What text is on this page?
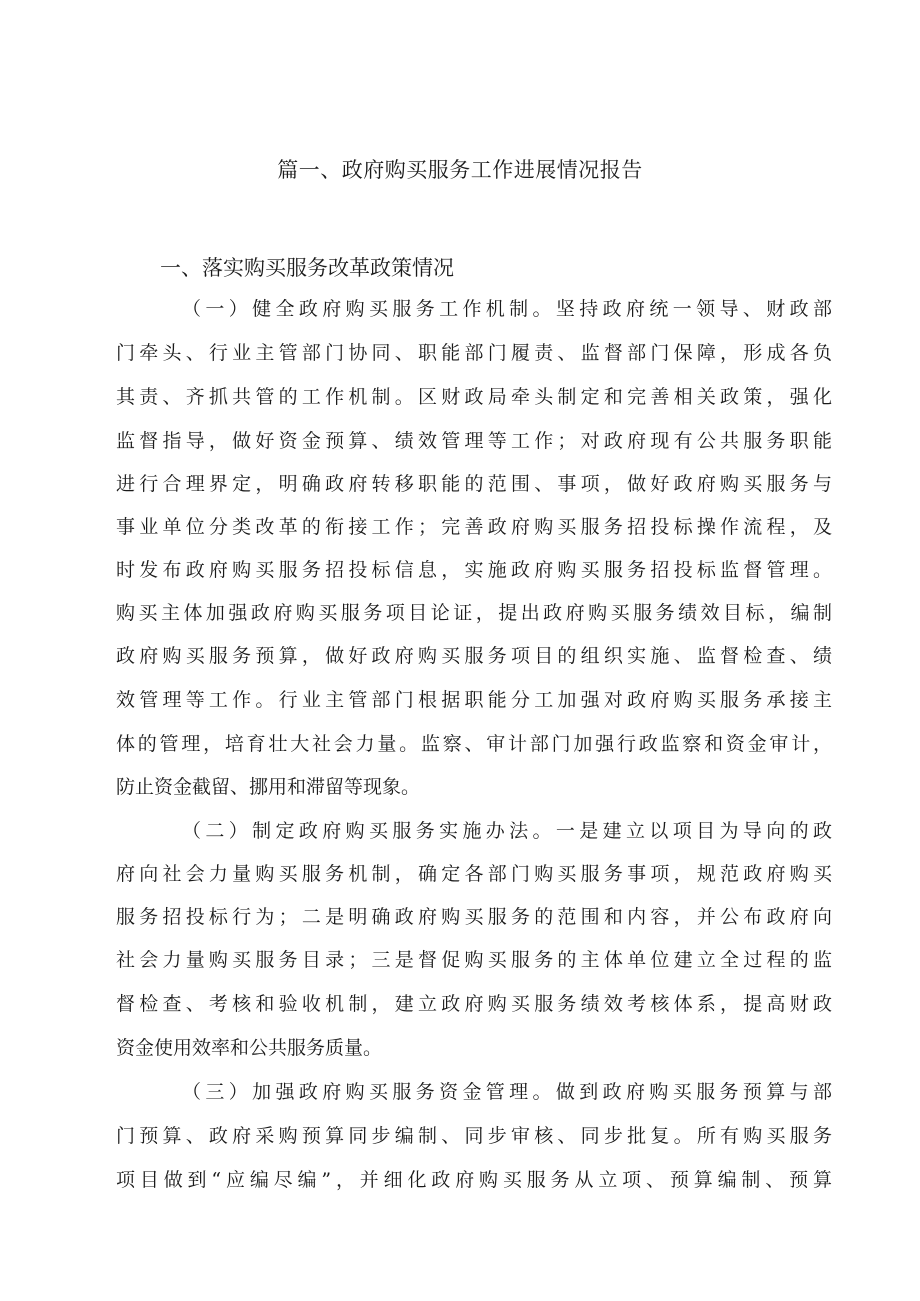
篇一、政府购买服务工作进展情况报告
一、落实购买服务改革政策情况
（一）健全政府购买服务工作机制。坚持政府统一领导、财政部
门牵头、行业主管部门协同、职能部门履责、监督部门保障，形成各负
其责、齐抓共管的工作机制。区财政局牵头制定和完善相关政策，强化
监督指导，做好资金预算、绩效管理等工作；对政府现有公共服务职能
进行合理界定，明确政府转移职能的范围、事项，做好政府购买服务与
事业单位分类改革的衔接工作；完善政府购买服务招投标操作流程，及
时发布政府购买服务招投标信息，实施政府购买服务招投标监督管理。
购买主体加强政府购买服务项目论证，提出政府购买服务绩效目标，编制
政府购买服务预算，做好政府购买服务项目的组织实施、监督检查、绩
效管理等工作。行业主管部门根据职能分工加强对政府购买服务承接主
体的管理，培育壮大社会力量。监察、审计部门加强行政监察和资金审计，
防止资金截留、挪用和滞留等现象。
（二）制定政府购买服务实施办法。一是建立以项目为导向的政
府向社会力量购买服务机制，确定各部门购买服务事项，规范政府购买
服务招投标行为；二是明确政府购买服务的范围和内容，并公布政府向
社会力量购买服务目录；三是督促购买服务的主体单位建立全过程的监
督检查、考核和验收机制，建立政府购买服务绩效考核体系，提高财政
资金使用效率和公共服务质量。
（三）加强政府购买服务资金管理。做到政府购买服务预算与部
门预算、政府采购预算同步编制、同步审核、同步批复。所有购买服务
项目做到“应编尽编”，并细化政府购买服务从立项、预算编制、预算
